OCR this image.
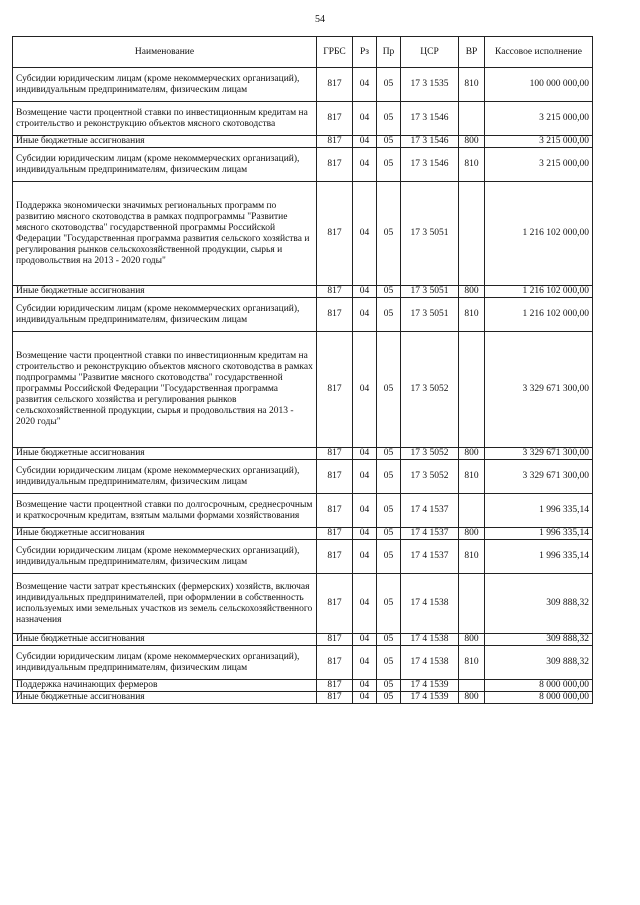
54
Наименование	ГРБС	Рз	Пр	ЦСР	ВР	Кассовое исполнение
Субсидии юридическим лицам (кроме некоммерческих организаций), индивидуальным предпринимателям, физическим лицам	817	04	05	17 3 1535	810	100 000 000,00
Возмещение части процентной ставки по инвестиционным кредитам на строительство и реконструкцию объектов мясного скотоводства	817	04	05	17 3 1546		3 215 000,00
Иные бюджетные ассигнования	817	04	05	17 3 1546	800	3 215 000,00
Субсидии юридическим лицам (кроме некоммерческих организаций), индивидуальным предпринимателям, физическим лицам	817	04	05	17 3 1546	810	3 215 000,00
Поддержка экономически значимых региональных программ по развитию мясного скотоводства в рамках подпрограммы "Развитие мясного скотоводства" государственной программы Российской Федерации "Государственная программа развития сельского хозяйства и регулирования рынков сельскохозяйственной продукции, сырья и продовольствия на 2013 - 2020 годы"	817	04	05	17 3 5051		1 216 102 000,00
Иные бюджетные ассигнования	817	04	05	17 3 5051	800	1 216 102 000,00
Субсидии юридическим лицам (кроме некоммерческих организаций), индивидуальным предпринимателям, физическим лицам	817	04	05	17 3 5051	810	1 216 102 000,00
Возмещение части процентной ставки по инвестиционным кредитам на строительство и реконструкцию объектов мясного скотоводства в рамках подпрограммы "Развитие мясного скотоводства" государственной программы Российской Федерации "Государственная программа развития сельского хозяйства и регулирования рынков сельскохозяйственной продукции, сырья и продовольствия на 2013 - 2020 годы"	817	04	05	17 3 5052		3 329 671 300,00
Иные бюджетные ассигнования	817	04	05	17 3 5052	800	3 329 671 300,00
Субсидии юридическим лицам (кроме некоммерческих организаций), индивидуальным предпринимателям, физическим лицам	817	04	05	17 3 5052	810	3 329 671 300,00
Возмещение части процентной ставки по долгосрочным, среднесрочным и краткосрочным кредитам, взятым малыми формами хозяйствования	817	04	05	17 4 1537		1 996 335,14
Иные бюджетные ассигнования	817	04	05	17 4 1537	800	1 996 335,14
Субсидии юридическим лицам (кроме некоммерческих организаций), индивидуальным предпринимателям, физическим лицам	817	04	05	17 4 1537	810	1 996 335,14
Возмещение части затрат крестьянских (фермерских) хозяйств, включая индивидуальных предпринимателей, при оформлении в собственность используемых ими земельных участков из земель сельскохозяйственного назначения	817	04	05	17 4 1538		309 888,32
Иные бюджетные ассигнования	817	04	05	17 4 1538	800	309 888,32
Субсидии юридическим лицам (кроме некоммерческих организаций), индивидуальным предпринимателям, физическим лицам	817	04	05	17 4 1538	810	309 888,32
Поддержка начинающих фермеров	817	04	05	17 4 1539		8 000 000,00
Иные бюджетные ассигнования	817	04	05	17 4 1539	800	8 000 000,00
